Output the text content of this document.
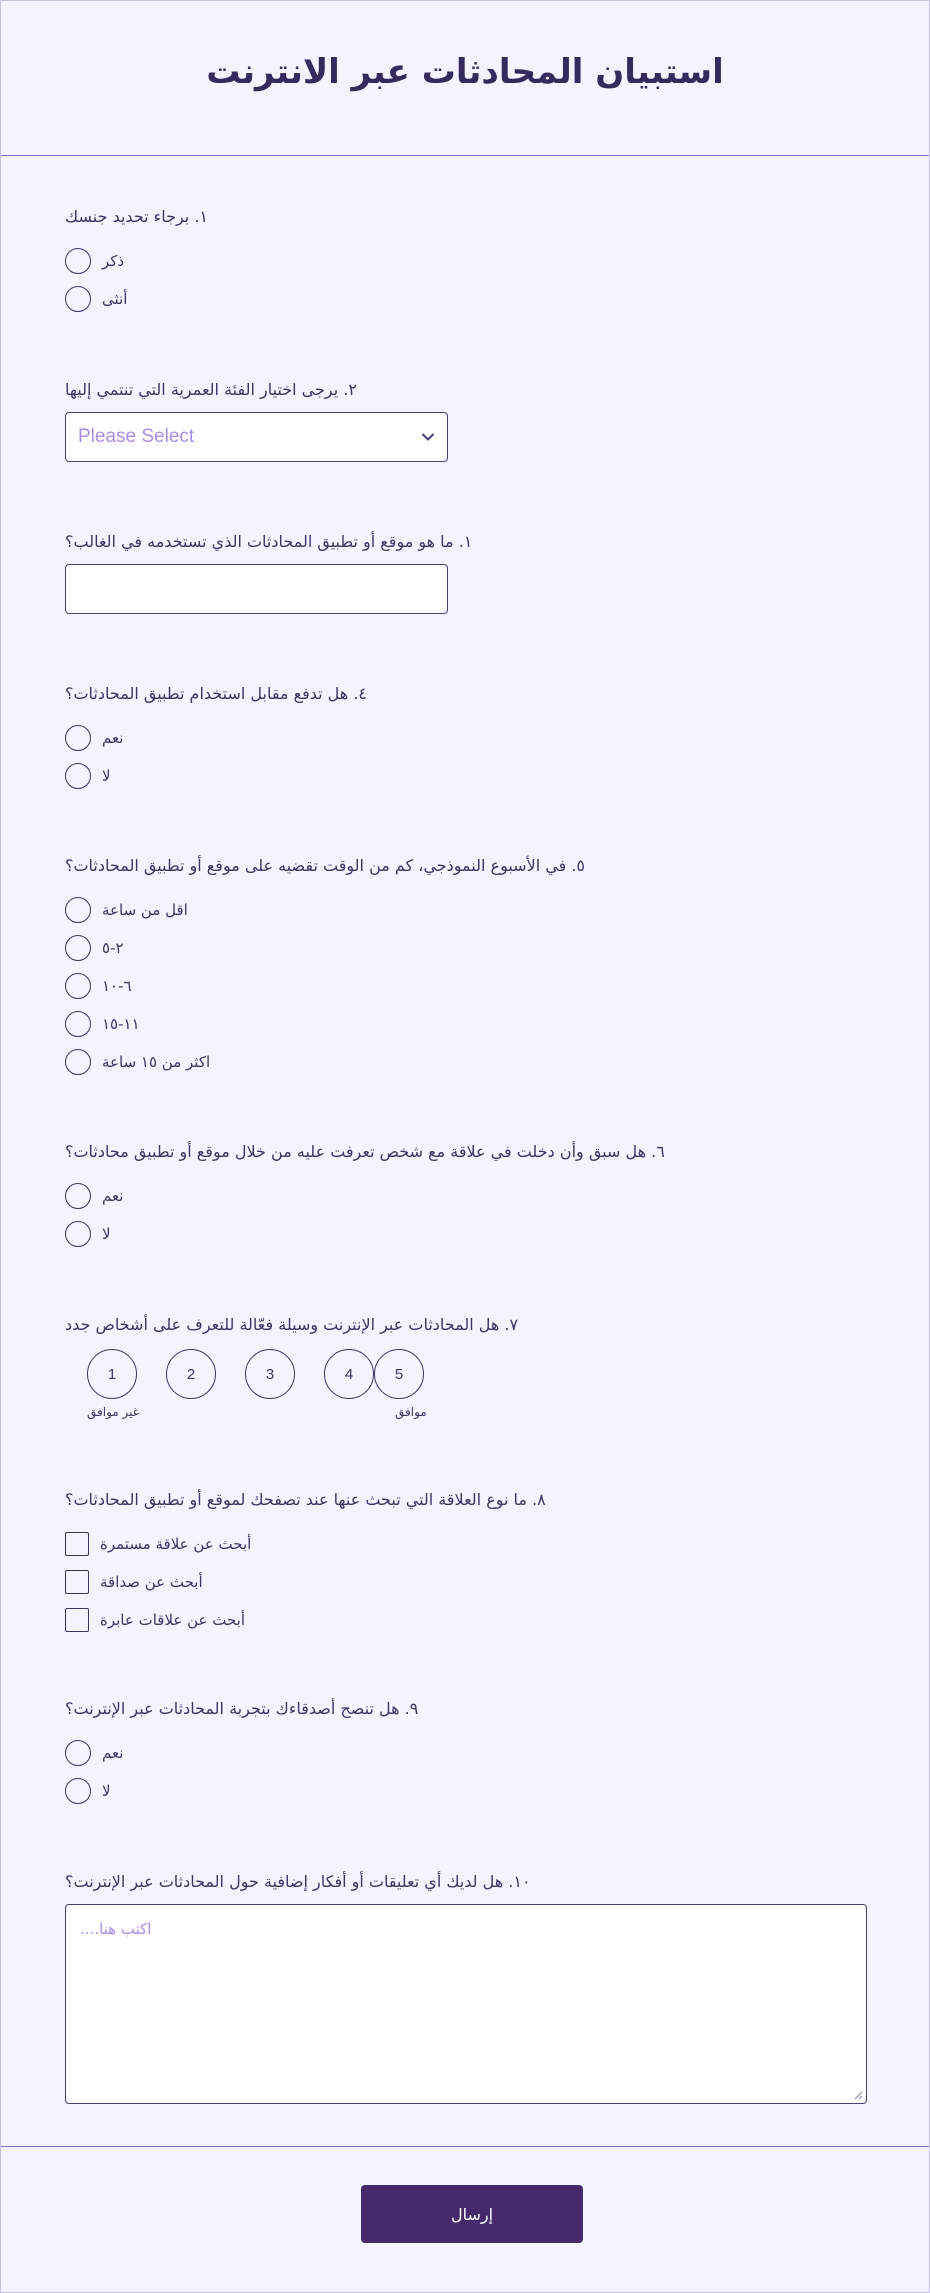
استبيان المحادثات عبر الانترنت
١. برجاء تحديد جنسك
ذكر
أنثى
٢. يرجى اختيار الفئة العمرية التي تنتمي إليها
Please Select
١. ما هو موقع أو تطبيق المحادثات الذي تستخدمه في الغالب؟
٤. هل تدفع مقابل استخدام تطبيق المحادثات؟
نعم
لا
٥. في الأسبوع النموذجي، كم من الوقت تقضيه على موقع أو تطبيق المحادثات؟
اقل من ساعة
٢-٥
٦-١٠
١١-١٥
اكثر من ١٥ ساعة
٦. هل سبق وأن دخلت في علاقة مع شخص تعرفت عليه من خلال موقع أو تطبيق محادثات؟
نعم
لا
٧. هل المحادثات عبر الإنترنت وسيلة فعّالة للتعرف على أشخاص جدد
1	2	3	4	5
غير موافق	موافق
٨. ما نوع العلاقة التي تبحث عنها عند تصفحك لموقع أو تطبيق المحادثات؟
أبحث عن علاقة مستمرة
أبحث عن صداقة
أبحث عن علاقات عابرة
٩. هل تنصح أصدقاءك بتجربة المحادثات عبر الإنترنت؟
نعم
لا
١٠. هل لديك أي تعليقات أو أفكار إضافية حول المحادثات عبر الإنترنت؟
اكتب هنا....
إرسال
